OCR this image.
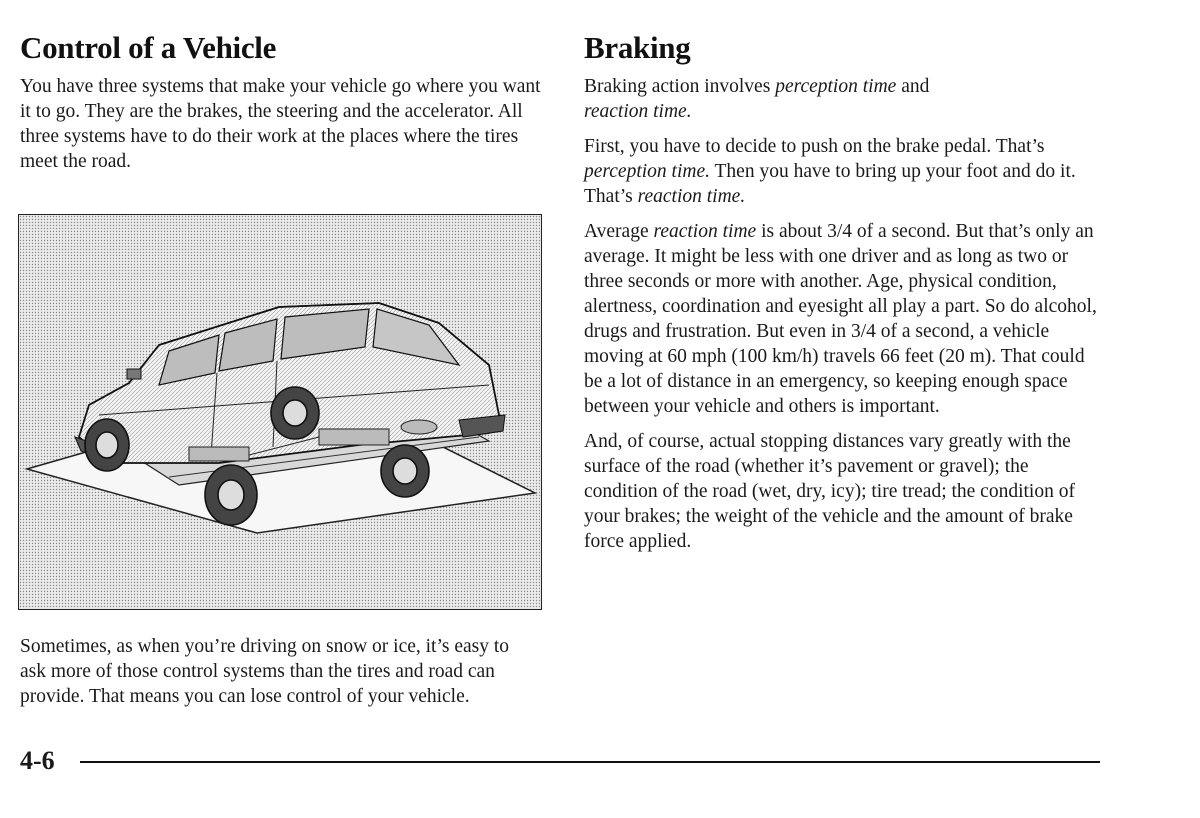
Control of a Vehicle

You have three systems that make your vehicle go where you want it to go. They are the brakes, the steering and the accelerator. All three systems have to do their work at the places where the tires meet the road.

Sometimes, as when you’re driving on snow or ice, it’s easy to ask more of those control systems than the tires and road can provide. That means you can lose control of your vehicle.

Braking

Braking action involves perception time and
reaction time.

First, you have to decide to push on the brake pedal. That’s perception time. Then you have to bring up your foot and do it. That’s reaction time.

Average reaction time is about 3/4 of a second. But that’s only an average. It might be less with one driver and as long as two or three seconds or more with another. Age, physical condition, alertness, coordination and eyesight all play a part. So do alcohol, drugs and frustration. But even in 3/4 of a second, a vehicle moving at 60 mph (100 km/h) travels 66 feet (20 m). That could be a lot of distance in an emergency, so keeping enough space between your vehicle and others is important.

And, of course, actual stopping distances vary greatly with the surface of the road (whether it’s pavement or gravel); the condition of the road (wet, dry, icy); tire tread; the condition of your brakes; the weight of the vehicle and the amount of brake force applied.

4-6
